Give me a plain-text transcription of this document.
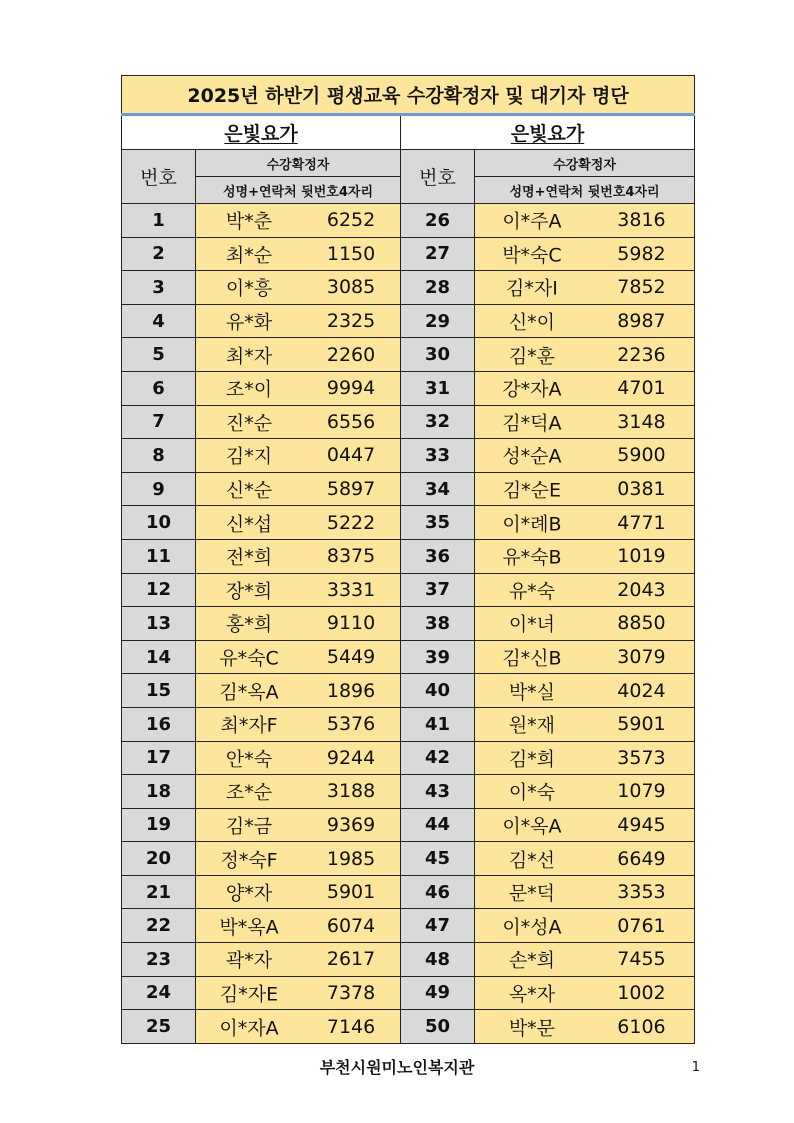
2025년 하반기 평생교육 수강확정자 및 대기자 명단			
은빛요가		은빛요가	
번호	수강확정자	번호	수강확정자
	성명+연락처 뒷번호4자리		성명+연락처 뒷번호4자리
1	박*춘 6252	26	이*주A 3816

2	최*순 1150	27	박*숙C 5982

3	이*흥 3085	28	김*자I 7852

4	유*화 2325	29	신*이 8987

5	최*자 2260	30	김*훈 2236

6	조*이 9994	31	강*자A 4701

7	진*순 6556	32	김*덕A 3148

8	김*지 0447	33	성*순A 5900

9	신*순 5897	34	김*순E 0381

10	신*섭 5222	35	이*례B 4771

11	전*희 8375	36	유*숙B 1019

12	장*희 3331	37	유*숙 2043

13	홍*희 9110	38	이*녀 8850

14	유*숙C 5449	39	김*신B 3079

15	김*옥A 1896	40	박*실 4024

16	최*자F 5376	41	원*재 5901

17	안*숙 9244	42	김*희 3573

18	조*순 3188	43	이*숙 1079

19	김*금 9369	44	이*옥A 4945

20	정*숙F 1985	45	김*선 6649

21	양*자 5901	46	문*덕 3353

22	박*옥A 6074	47	이*성A 0761

23	곽*자 2617	48	손*희 7455

24	김*자E 7378	49	옥*자 1002

25	이*자A 7146	50	박*문 6106
부천시원미노인복지관	1
